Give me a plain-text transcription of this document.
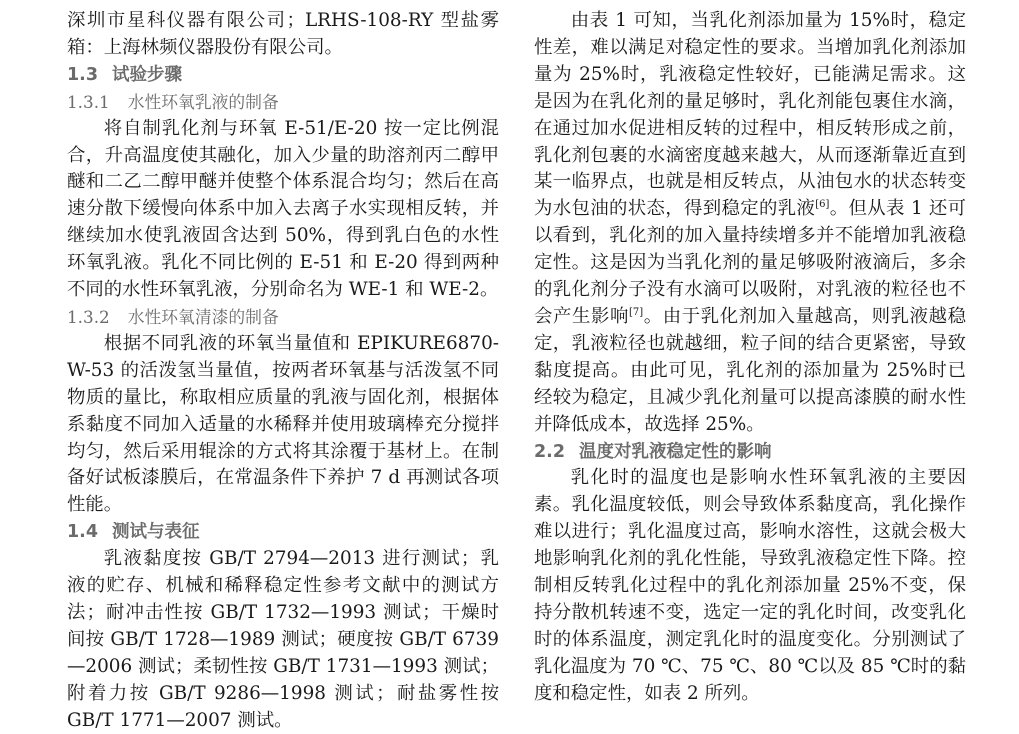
深圳市星科仪器有限公司；LRHS-108-RY 型盐雾箱：上海林频仪器股份有限公司。

1.3 试验步骤
1.3.1 水性环氧乳液的制备

将自制乳化剂与环氧 E-51/E-20 按一定比例混合，升高温度使其融化，加入少量的助溶剂丙二醇甲醚和二乙二醇甲醚并使整个体系混合均匀；然后在高速分散下缓慢向体系中加入去离子水实现相反转，并继续加水使乳液固含达到 50%，得到乳白色的水性环氧乳液。乳化不同比例的 E-51 和 E-20 得到两种不同的水性环氧乳液，分别命名为 WE-1 和 WE-2。

1.3.2 水性环氧清漆的制备

根据不同乳液的环氧当量值和 EPIKURE6870-W-53 的活泼氢当量值，按两者环氧基与活泼氢不同物质的量比，称取相应质量的乳液与固化剂，根据体系黏度不同加入适量的水稀释并使用玻璃棒充分搅拌均匀，然后采用辊涂的方式将其涂覆于基材上。在制备好试板漆膜后，在常温条件下养护 7 d 再测试各项性能。

1.4 测试与表征

乳液黏度按 GB/T 2794—2013 进行测试；乳液的贮存、机械和稀释稳定性参考文献中的测试方法；耐冲击性按 GB/T 1732—1993 测试；干燥时间按 GB/T 1728—1989 测试；硬度按 GB/T 6739—2006 测试；柔韧性按 GB/T 1731—1993 测试；附着力按 GB/T 9286—1998 测试；耐盐雾性按 GB/T 1771—2007 测试。

由表 1 可知，当乳化剂添加量为 15%时，稳定性差，难以满足对稳定性的要求。当增加乳化剂添加量为 25%时，乳液稳定性较好，已能满足需求。这是因为在乳化剂的量足够时，乳化剂能包裹住水滴，在通过加水促进相反转的过程中，相反转形成之前，乳化剂包裹的水滴密度越来越大，从而逐渐靠近直到某一临界点，也就是相反转点，从油包水的状态转变为水包油的状态，得到稳定的乳液[6]。但从表 1 还可以看到，乳化剂的加入量持续增多并不能增加乳液稳定性。这是因为当乳化剂的量足够吸附液滴后，多余的乳化剂分子没有水滴可以吸附，对乳液的粒径也不会产生影响[7]。由于乳化剂加入量越高，则乳液越稳定，乳液粒径也就越细，粒子间的结合更紧密，导致黏度提高。由此可见，乳化剂的添加量为 25%时已经较为稳定，且减少乳化剂量可以提高漆膜的耐水性并降低成本，故选择 25%。

2.2 温度对乳液稳定性的影响

乳化时的温度也是影响水性环氧乳液的主要因素。乳化温度较低，则会导致体系黏度高，乳化操作难以进行；乳化温度过高，影响水溶性，这就会极大地影响乳化剂的乳化性能，导致乳液稳定性下降。控制相反转乳化过程中的乳化剂添加量 25%不变，保持分散机转速不变，选定一定的乳化时间，改变乳化时的体系温度，测定乳化时的温度变化。分别测试了乳化温度为 70 ℃、75 ℃、80 ℃以及 85 ℃时的黏度和稳定性，如表 2 所列。
